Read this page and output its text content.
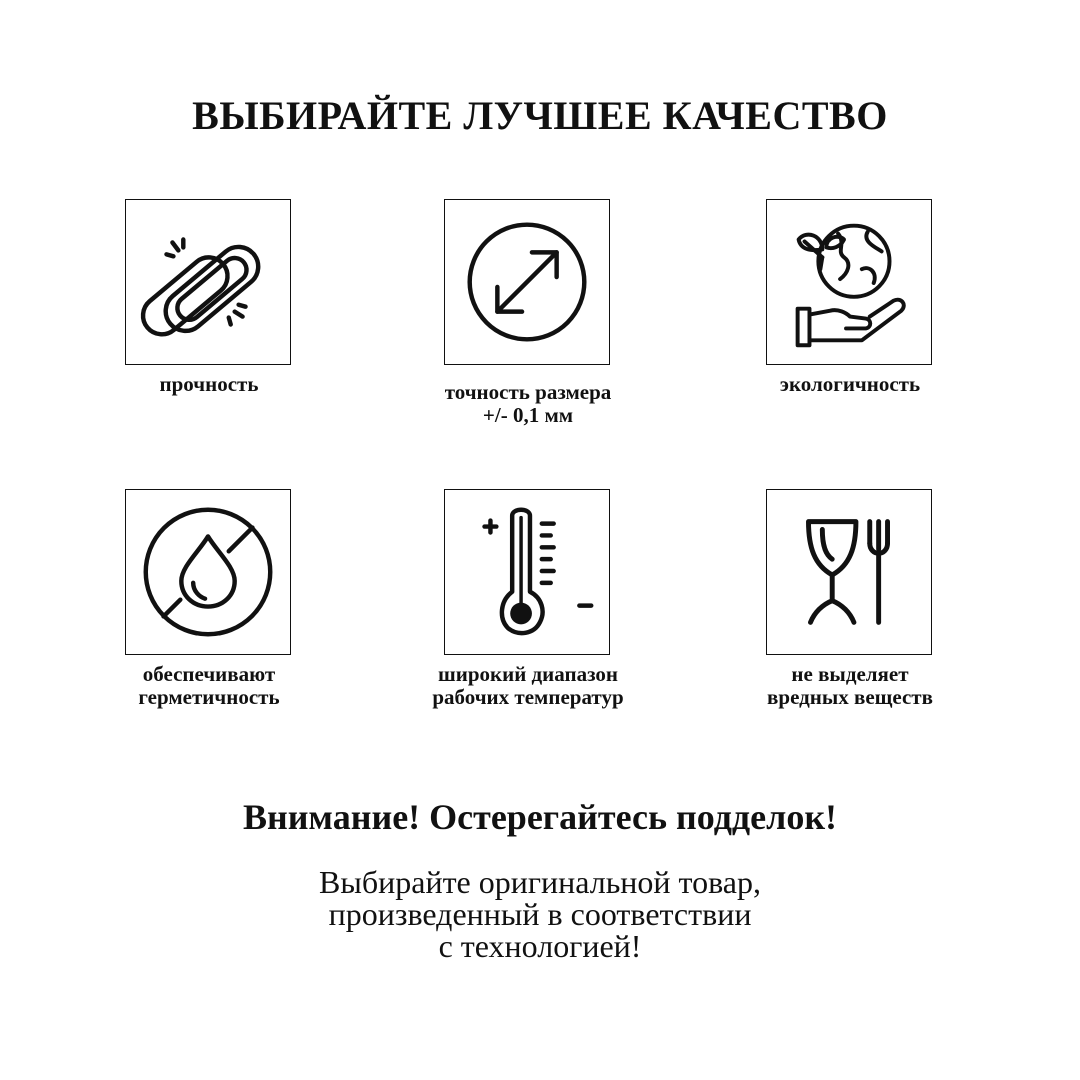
ВЫБИРАЙТЕ ЛУЧШЕЕ КАЧЕСТВО
прочность	точность размера
+/- 0,1 мм
экологичность
обеспечивают
герметичность
широкий диапазон
рабочих температур
не выделяет
вредных веществ
Внимание! Остерегайтесь подделок!
Выбирайте оригинальной товар,
произведенный в соответствии
с технологией!
